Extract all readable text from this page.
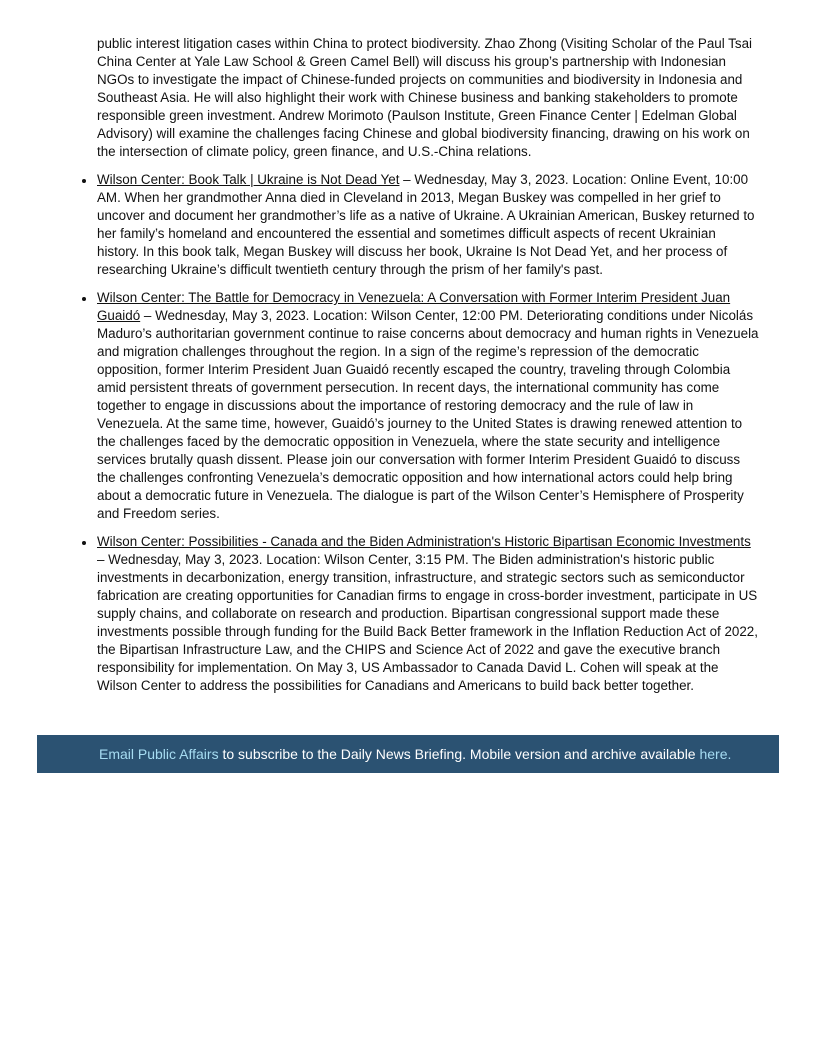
public interest litigation cases within China to protect biodiversity. Zhao Zhong (Visiting Scholar of the Paul Tsai China Center at Yale Law School & Green Camel Bell) will discuss his group’s partnership with Indonesian NGOs to investigate the impact of Chinese-funded projects on communities and biodiversity in Indonesia and Southeast Asia. He will also highlight their work with Chinese business and banking stakeholders to promote responsible green investment. Andrew Morimoto (Paulson Institute, Green Finance Center | Edelman Global Advisory) will examine the challenges facing Chinese and global biodiversity financing, drawing on his work on the intersection of climate policy, green finance, and U.S.-China relations.

Wilson Center: Book Talk | Ukraine is Not Dead Yet – Wednesday, May 3, 2023. Location: Online Event, 10:00 AM. When her grandmother Anna died in Cleveland in 2013, Megan Buskey was compelled in her grief to uncover and document her grandmother’s life as a native of Ukraine. A Ukrainian American, Buskey returned to her family’s homeland and encountered the essential and sometimes difficult aspects of recent Ukrainian history. In this book talk, Megan Buskey will discuss her book, Ukraine Is Not Dead Yet, and her process of researching Ukraine’s difficult twentieth century through the prism of her family's past.
Wilson Center: The Battle for Democracy in Venezuela: A Conversation with Former Interim President Juan Guaidó – Wednesday, May 3, 2023. Location: Wilson Center, 12:00 PM. Deteriorating conditions under Nicolás Maduro’s authoritarian government continue to raise concerns about democracy and human rights in Venezuela and migration challenges throughout the region. In a sign of the regime’s repression of the democratic opposition, former Interim President Juan Guaidó recently escaped the country, traveling through Colombia amid persistent threats of government persecution. In recent days, the international community has come together to engage in discussions about the importance of restoring democracy and the rule of law in Venezuela. At the same time, however, Guaidó’s journey to the United States is drawing renewed attention to the challenges faced by the democratic opposition in Venezuela, where the state security and intelligence services brutally quash dissent. Please join our conversation with former Interim President Guaidó to discuss the challenges confronting Venezuela’s democratic opposition and how international actors could help bring about a democratic future in Venezuela. The dialogue is part of the Wilson Center’s Hemisphere of Prosperity and Freedom series.
Wilson Center: Possibilities - Canada and the Biden Administration's Historic Bipartisan Economic Investments – Wednesday, May 3, 2023. Location: Wilson Center, 3:15 PM. The Biden administration's historic public investments in decarbonization, energy transition, infrastructure, and strategic sectors such as semiconductor fabrication are creating opportunities for Canadian firms to engage in cross-border investment, participate in US supply chains, and collaborate on research and production. Bipartisan congressional support made these investments possible through funding for the Build Back Better framework in the Inflation Reduction Act of 2022, the Bipartisan Infrastructure Law, and the CHIPS and Science Act of 2022 and gave the executive branch responsibility for implementation. On May 3, US Ambassador to Canada David L. Cohen will speak at the Wilson Center to address the possibilities for Canadians and Americans to build back better together.
Email Public Affairs to subscribe to the Daily News Briefing. Mobile version and archive available here.
